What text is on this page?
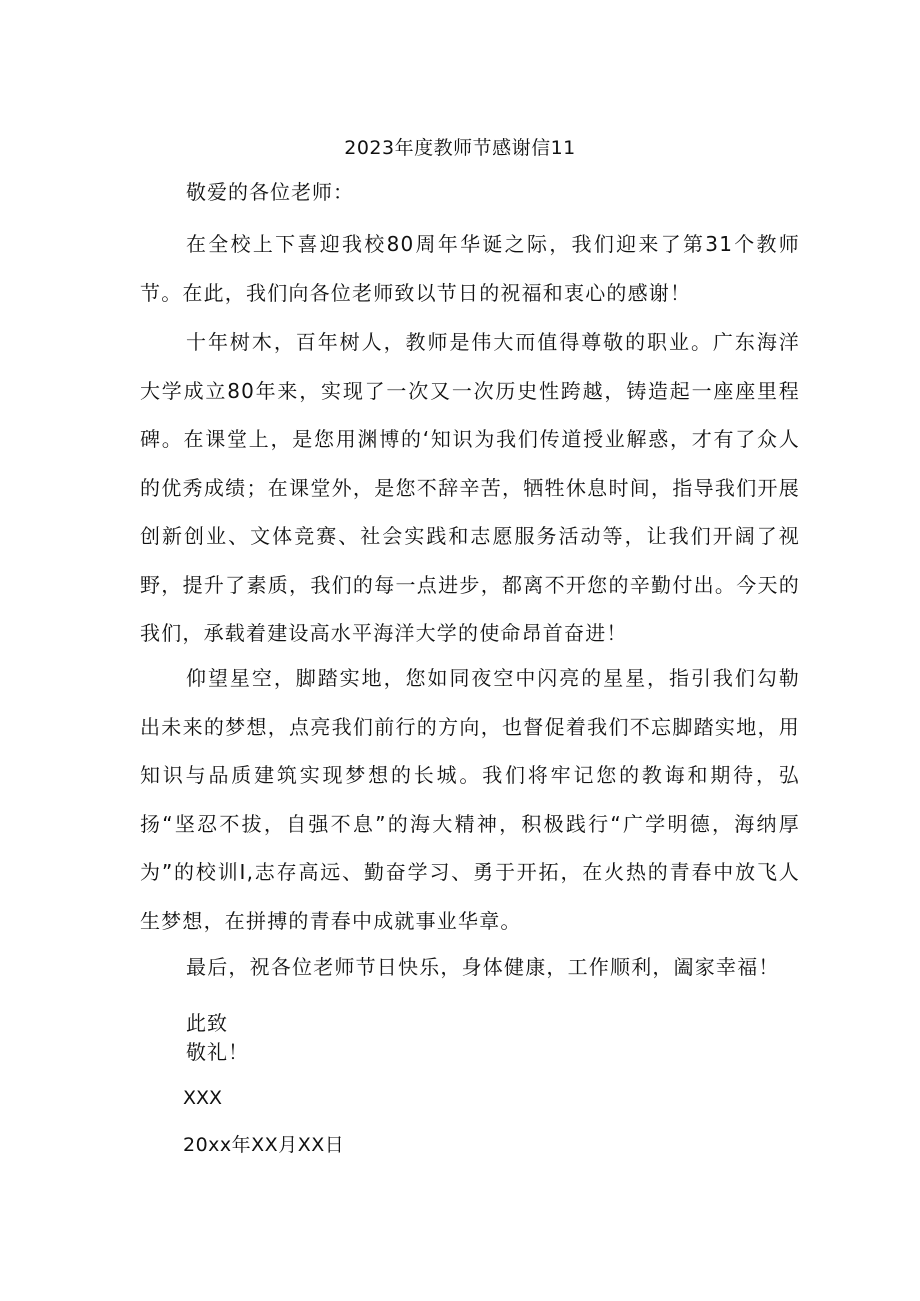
2023年度教师节感谢信11
敬爱的各位老师：

在全校上下喜迎我校80周年华诞之际，我们迎来了第31个教师节。在此，我们向各位老师致以节日的祝福和衷心的感谢！

十年树木，百年树人，教师是伟大而值得尊敬的职业。广东海洋大学成立80年来，实现了一次又一次历史性跨越，铸造起一座座里程碑。在课堂上，是您用渊博的‘知识为我们传道授业解惑，才有了众人的优秀成绩；在课堂外，是您不辞辛苦，牺牲休息时间，指导我们开展创新创业、文体竞赛、社会实践和志愿服务活动等，让我们开阔了视野，提升了素质，我们的每一点进步，都离不开您的辛勤付出。今天的我们，承载着建设高水平海洋大学的使命昂首奋进！

仰望星空，脚踏实地，您如同夜空中闪亮的星星，指引我们勾勒出未来的梦想，点亮我们前行的方向，也督促着我们不忘脚踏实地，用知识与品质建筑实现梦想的长城。我们将牢记您的教诲和期待，弘扬“坚忍不拔，自强不息”的海大精神，积极践行“广学明德，海纳厚为”的校训I,志存高远、勤奋学习、勇于开拓，在火热的青春中放飞人生梦想，在拼搏的青春中成就事业华章。

最后，祝各位老师节日快乐，身体健康，工作顺利，阖家幸福！

此致
敬礼！
XXX
20xx年XX月XX日
